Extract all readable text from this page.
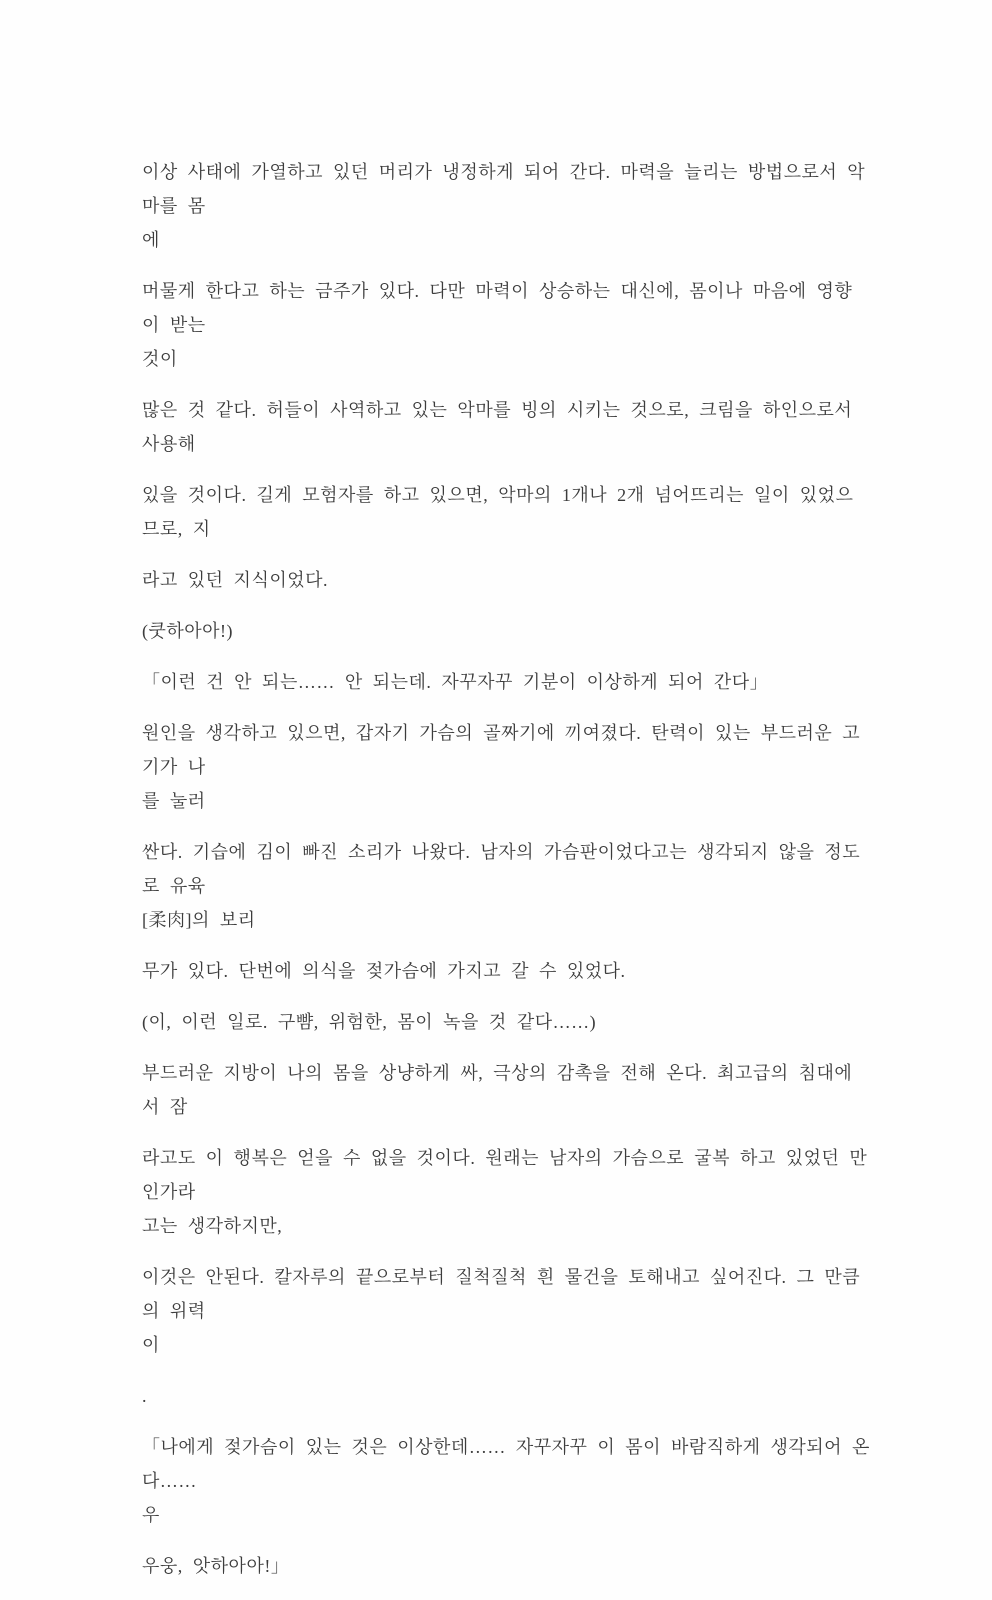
이상 사태에 가열하고 있던 머리가 냉정하게 되어 간다. 마력을 늘리는 방법으로서 악마를 몸
에
머물게 한다고 하는 금주가 있다. 다만 마력이 상승하는 대신에, 몸이나 마음에 영향이 받는
것이
많은 것 같다. 허들이 사역하고 있는 악마를 빙의 시키는 것으로, 크림을 하인으로서 사용해
있을 것이다. 길게 모험자를 하고 있으면, 악마의 1개나 2개 넘어뜨리는 일이 있었으므로, 지
라고 있던 지식이었다.
(쿳하아아!)
「이런 건 안 되는…… 안 되는데. 자꾸자꾸 기분이 이상하게 되어 간다」
원인을 생각하고 있으면, 갑자기 가슴의 골짜기에 끼여졌다. 탄력이 있는 부드러운 고기가 나
를 눌러
싼다. 기습에 김이 빠진 소리가 나왔다. 남자의 가슴판이었다고는 생각되지 않을 정도로 유육
[柔肉]의 보리
무가 있다. 단번에 의식을 젖가슴에 가지고 갈 수 있었다.
(이, 이런 일로. 구뺨, 위험한, 몸이 녹을 것 같다……)
부드러운 지방이 나의 몸을 상냥하게 싸, 극상의 감촉을 전해 온다. 최고급의 침대에서 잠
라고도 이 행복은 얻을 수 없을 것이다. 원래는 남자의 가슴으로 굴복 하고 있었던 만인가라
고는 생각하지만,
이것은 안된다. 칼자루의 끝으로부터 질척질척 흰 물건을 토해내고 싶어진다. 그 만큼의 위력
이
.
「나에게 젖가슴이 있는 것은 이상한데…… 자꾸자꾸 이 몸이 바람직하게 생각되어 온다……
우
우웅, 앗하아아!」
